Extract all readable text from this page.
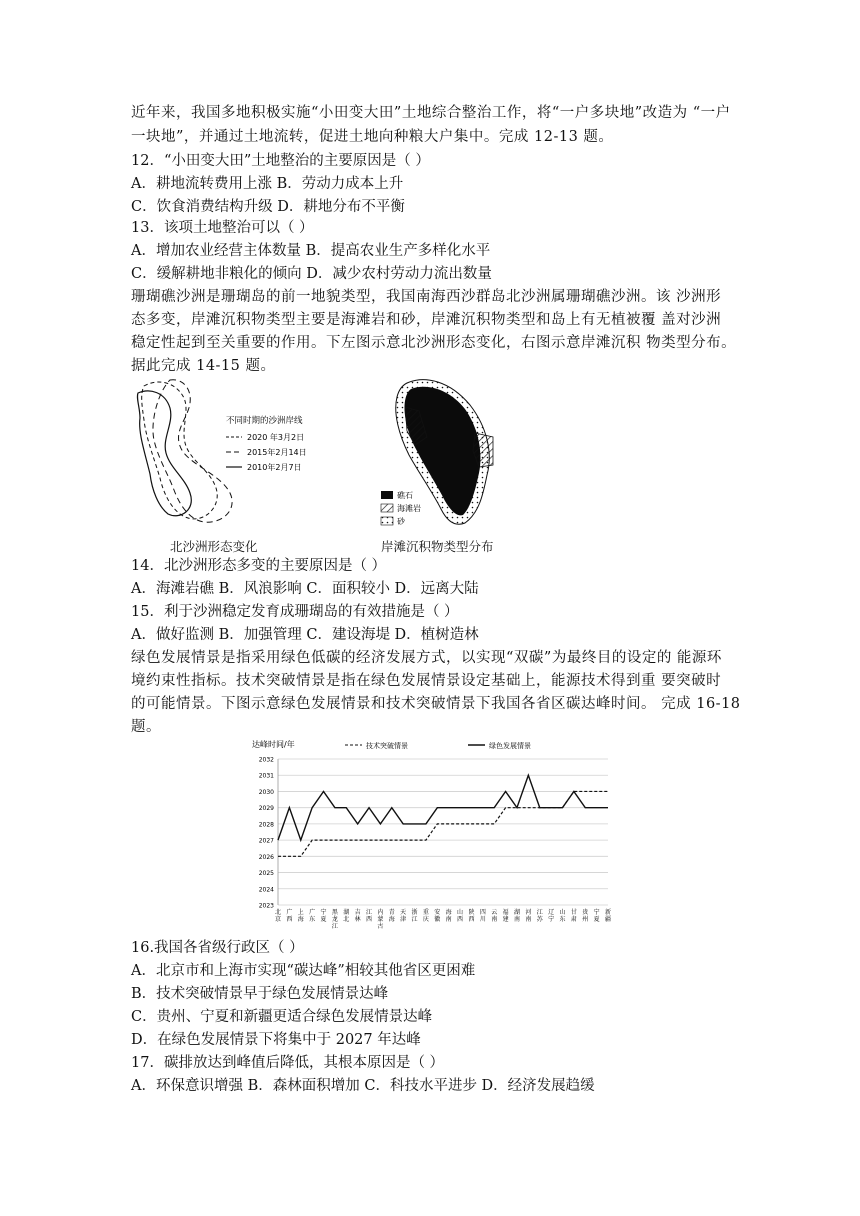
近年来，我国多地积极实施“小田变大田”土地综合整治工作，将“一户多块地”改造为 “一户
一块地”，并通过土地流转，促进土地向种粮大户集中。完成 12-13 题。
12．“小田变大田”土地整治的主要原因是（ ）
A．耕地流转费用上涨 B．劳动力成本上升
C．饮食消费结构升级 D．耕地分布不平衡
13．该项土地整治可以（ ）
A．增加农业经营主体数量 B．提高农业生产多样化水平
C．缓解耕地非粮化的倾向 D．减少农村劳动力流出数量
珊瑚礁沙洲是珊瑚岛的前一地貌类型，我国南海西沙群岛北沙洲属珊瑚礁沙洲。该 沙洲形
态多变，岸滩沉积物类型主要是海滩岩和砂，岸滩沉积物类型和岛上有无植被覆 盖对沙洲
稳定性起到至关重要的作用。下左图示意北沙洲形态变化，右图示意岸滩沉积 物类型分布。
据此完成 14-15 题。
不同时期的沙洲岸线
2020 年3月2日
2015年2月14日
2010年2月7日
北沙洲形态变化
礁石
海滩岩
砂
岸滩沉积物类型分布
14．北沙洲形态多变的主要原因是（ ）
A．海滩岩礁 B．风浪影响 C．面积较小 D．远离大陆
15．利于沙洲稳定发育成珊瑚岛的有效措施是（ ）
A．做好监测 B．加强管理 C．建设海堤 D．植树造林
绿色发展情景是指采用绿色低碳的经济发展方式，以实现“双碳”为最终目的设定的 能源环
境约束性指标。技术突破情景是指在绿色发展情景设定基础上，能源技术得到重 要突破时
的可能情景。下图示意绿色发展情景和技术突破情景下我国各省区碳达峰时间。 完成 16-18
题。
达峰时间/年	技术突破情景	绿色发展情景
2023
2024
2025
2026
2027
2028
2029
2030
2031
2032
北
京
广
西
上
海
广
东
宁
夏
黑
龙
江
湖
北
吉
林
江
西
内
蒙
古
青
海
天
津
浙
江
重
庆
安
徽
海
南
山
西
陕
西
四
川
云
南
福
建
湖
南
河
南
江
苏
辽
宁
山
东
甘
肃
贵
州
宁
夏
新
疆
16.我国各省级行政区（ ）
A．北京市和上海市实现“碳达峰”相较其他省区更困难
B．技术突破情景早于绿色发展情景达峰
C．贵州、宁夏和新疆更适合绿色发展情景达峰
D．在绿色发展情景下将集中于 2027 年达峰
17．碳排放达到峰值后降低，其根本原因是（ ）
A．环保意识增强 B．森林面积增加 C．科技水平进步 D．经济发展趋缓
